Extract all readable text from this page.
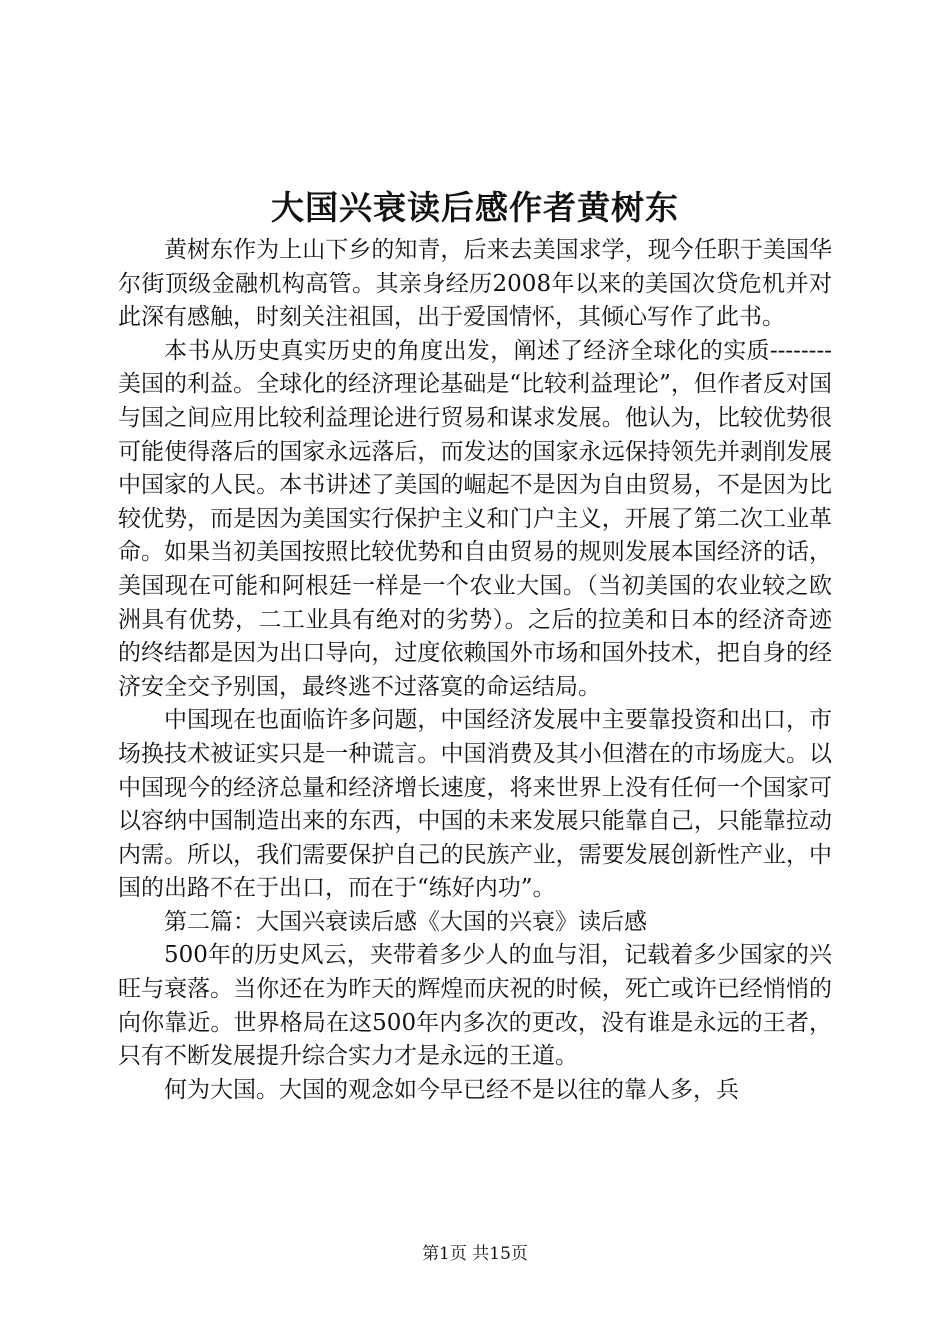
大国兴衰读后感作者黄树东

黄树东作为上山下乡的知青，后来去美国求学，现今任职于美国华尔街顶级金融机构高管。其亲身经历2008年以来的美国次贷危机并对此深有感触，时刻关注祖国，出于爱国情怀，其倾心写作了此书。

本书从历史真实历史的角度出发，阐述了经济全球化的实质--------美国的利益。全球化的经济理论基础是“比较利益理论”，但作者反对国与国之间应用比较利益理论进行贸易和谋求发展。他认为，比较优势很可能使得落后的国家永远落后，而发达的国家永远保持领先并剥削发展中国家的人民。本书讲述了美国的崛起不是因为自由贸易，不是因为比较优势，而是因为美国实行保护主义和门户主义，开展了第二次工业革命。如果当初美国按照比较优势和自由贸易的规则发展本国经济的话，美国现在可能和阿根廷一样是一个农业大国。（当初美国的农业较之欧洲具有优势，二工业具有绝对的劣势）。之后的拉美和日本的经济奇迹的终结都是因为出口导向，过度依赖国外市场和国外技术，把自身的经济安全交予别国，最终逃不过落寞的命运结局。

中国现在也面临许多问题，中国经济发展中主要靠投资和出口，市场换技术被证实只是一种谎言。中国消费及其小但潜在的市场庞大。以中国现今的经济总量和经济增长速度，将来世界上没有任何一个国家可以容纳中国制造出来的东西，中国的未来发展只能靠自己，只能靠拉动内需。所以，我们需要保护自己的民族产业，需要发展创新性产业，中国的出路不在于出口，而在于“练好内功”。

第二篇：大国兴衰读后感《大国的兴衰》读后感

500年的历史风云，夹带着多少人的血与泪，记载着多少国家的兴旺与衰落。当你还在为昨天的辉煌而庆祝的时候，死亡或许已经悄悄的向你靠近。世界格局在这500年内多次的更改，没有谁是永远的王者，只有不断发展提升综合实力才是永远的王道。

何为大国。大国的观念如今早已经不是以往的靠人多，兵

第1页 共15页
